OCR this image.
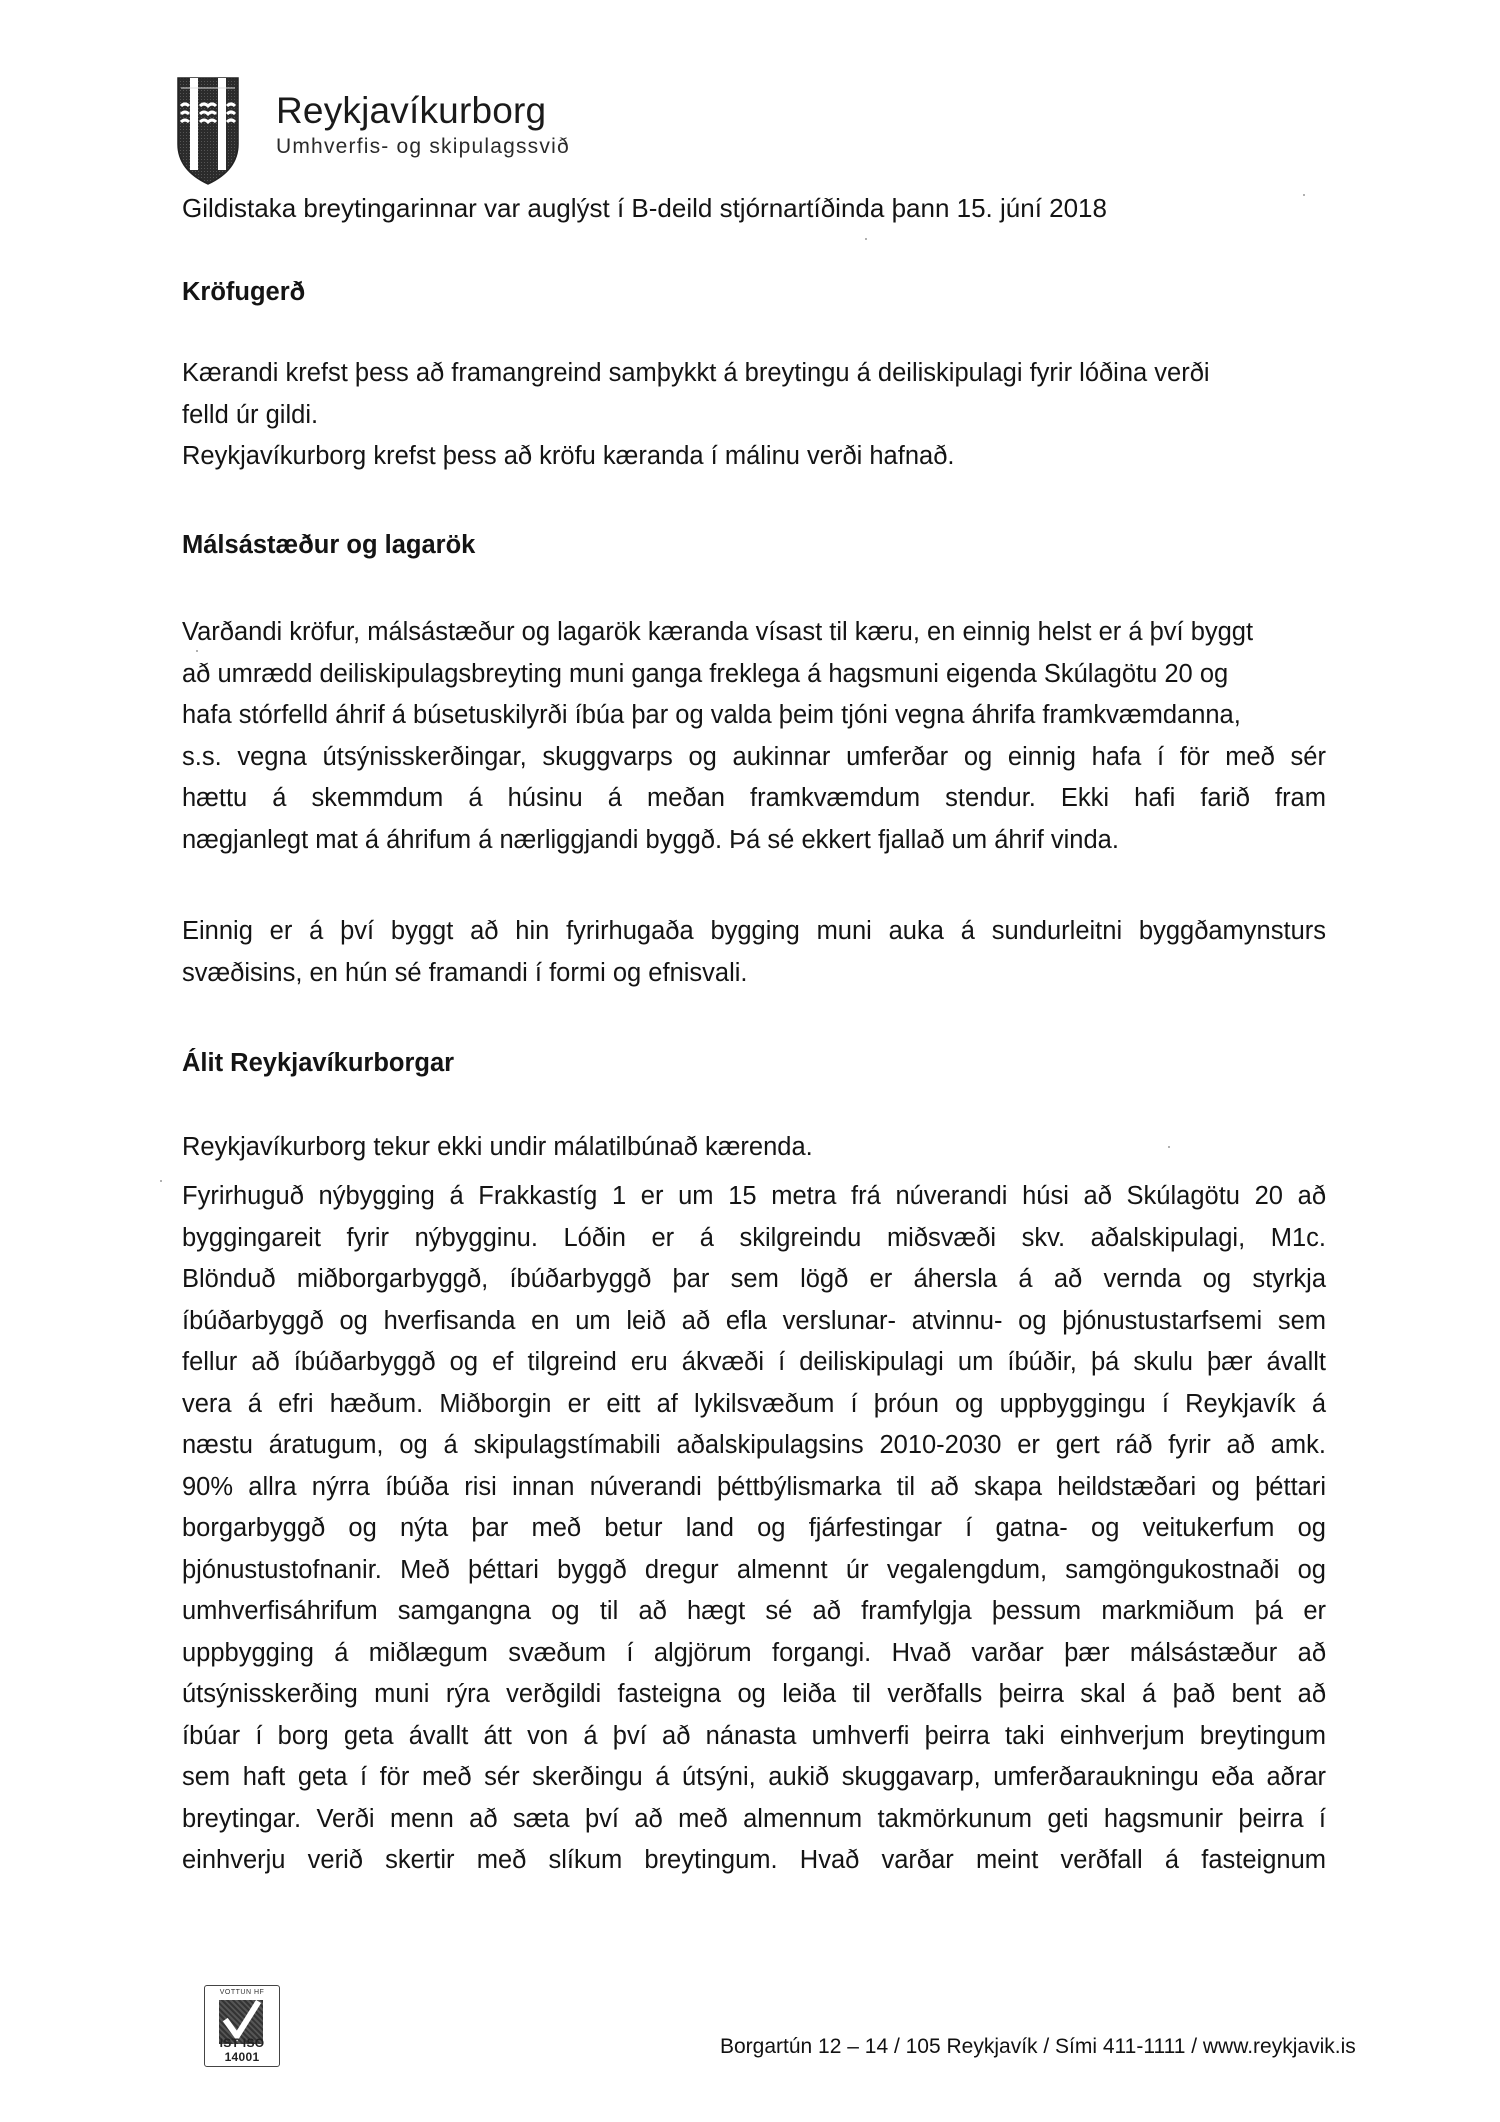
Reykjavíkurborg
Umhverfis- og skipulagssvið
Gildistaka breytingarinnar var auglýst í B-deild stjórnartíðinda þann 15. júní 2018
Kröfugerð
Kærandi krefst þess að framangreind samþykkt á breytingu á deiliskipulagi fyrir lóðina verði
felld úr gildi.
Reykjavíkurborg krefst þess að kröfu kæranda í málinu verði hafnað.
Málsástæður og lagarök
Varðandi kröfur, málsástæður og lagarök kæranda vísast til kæru, en einnig helst er á því byggt
að umrædd deiliskipulagsbreyting muni ganga freklega á hagsmuni eigenda Skúlagötu 20 og
hafa stórfelld áhrif á búsetuskilyrði íbúa þar og valda þeim tjóni vegna áhrifa framkvæmdanna,
s.s. vegna útsýnisskerðingar, skuggvarps og aukinnar umferðar og einnig hafa í för með sér
hættu á skemmdum á húsinu á meðan framkvæmdum stendur. Ekki hafi farið fram
nægjanlegt mat á áhrifum á nærliggjandi byggð. Þá sé ekkert fjallað um áhrif vinda.
Einnig er á því byggt að hin fyrirhugaða bygging muni auka á sundurleitni byggðamynsturs
svæðisins, en hún sé framandi í formi og efnisvali.
Álit Reykjavíkurborgar
Reykjavíkurborg tekur ekki undir málatilbúnað kærenda.
Fyrirhuguð nýbygging á Frakkastíg 1 er um 15 metra frá núverandi húsi að Skúlagötu 20 að
byggingareit fyrir nýbygginu. Lóðin er á skilgreindu miðsvæði skv. aðalskipulagi, M1c.
Blönduð miðborgarbyggð, íbúðarbyggð þar sem lögð er áhersla á að vernda og styrkja
íbúðarbyggð og hverfisanda en um leið að efla verslunar- atvinnu- og þjónustustarfsemi sem
fellur að íbúðarbyggð og ef tilgreind eru ákvæði í deiliskipulagi um íbúðir, þá skulu þær ávallt
vera á efri hæðum. Miðborgin er eitt af lykilsvæðum í þróun og uppbyggingu í Reykjavík á
næstu áratugum, og á skipulagstímabili aðalskipulagsins 2010-2030 er gert ráð fyrir að amk.
90% allra nýrra íbúða risi innan núverandi þéttbýlismarka til að skapa heildstæðari og þéttari
borgarbyggð og nýta þar með betur land og fjárfestingar í gatna- og veitukerfum og
þjónustustofnanir. Með þéttari byggð dregur almennt úr vegalengdum, samgöngukostnaði og
umhverfisáhrifum samgangna og til að hægt sé að framfylgja þessum markmiðum þá er
uppbygging á miðlægum svæðum í algjörum forgangi. Hvað varðar þær málsástæður að
útsýnisskerðing muni rýra verðgildi fasteigna og leiða til verðfalls þeirra skal á það bent að
íbúar í borg geta ávallt átt von á því að nánasta umhverfi þeirra taki einhverjum breytingum
sem haft geta í för með sér skerðingu á útsýni, aukið skuggavarp, umferðaraukningu eða aðrar
breytingar. Verði menn að sæta því að með almennum takmörkunum geti hagsmunir þeirra í
einhverju verið skertir með slíkum breytingum. Hvað varðar meint verðfall á fasteignum
VOTTUN HF
IST ISO 14001	Borgartún 12 – 14 / 105 Reykjavík / Sími 411-1111 / www.reykjavik.is
